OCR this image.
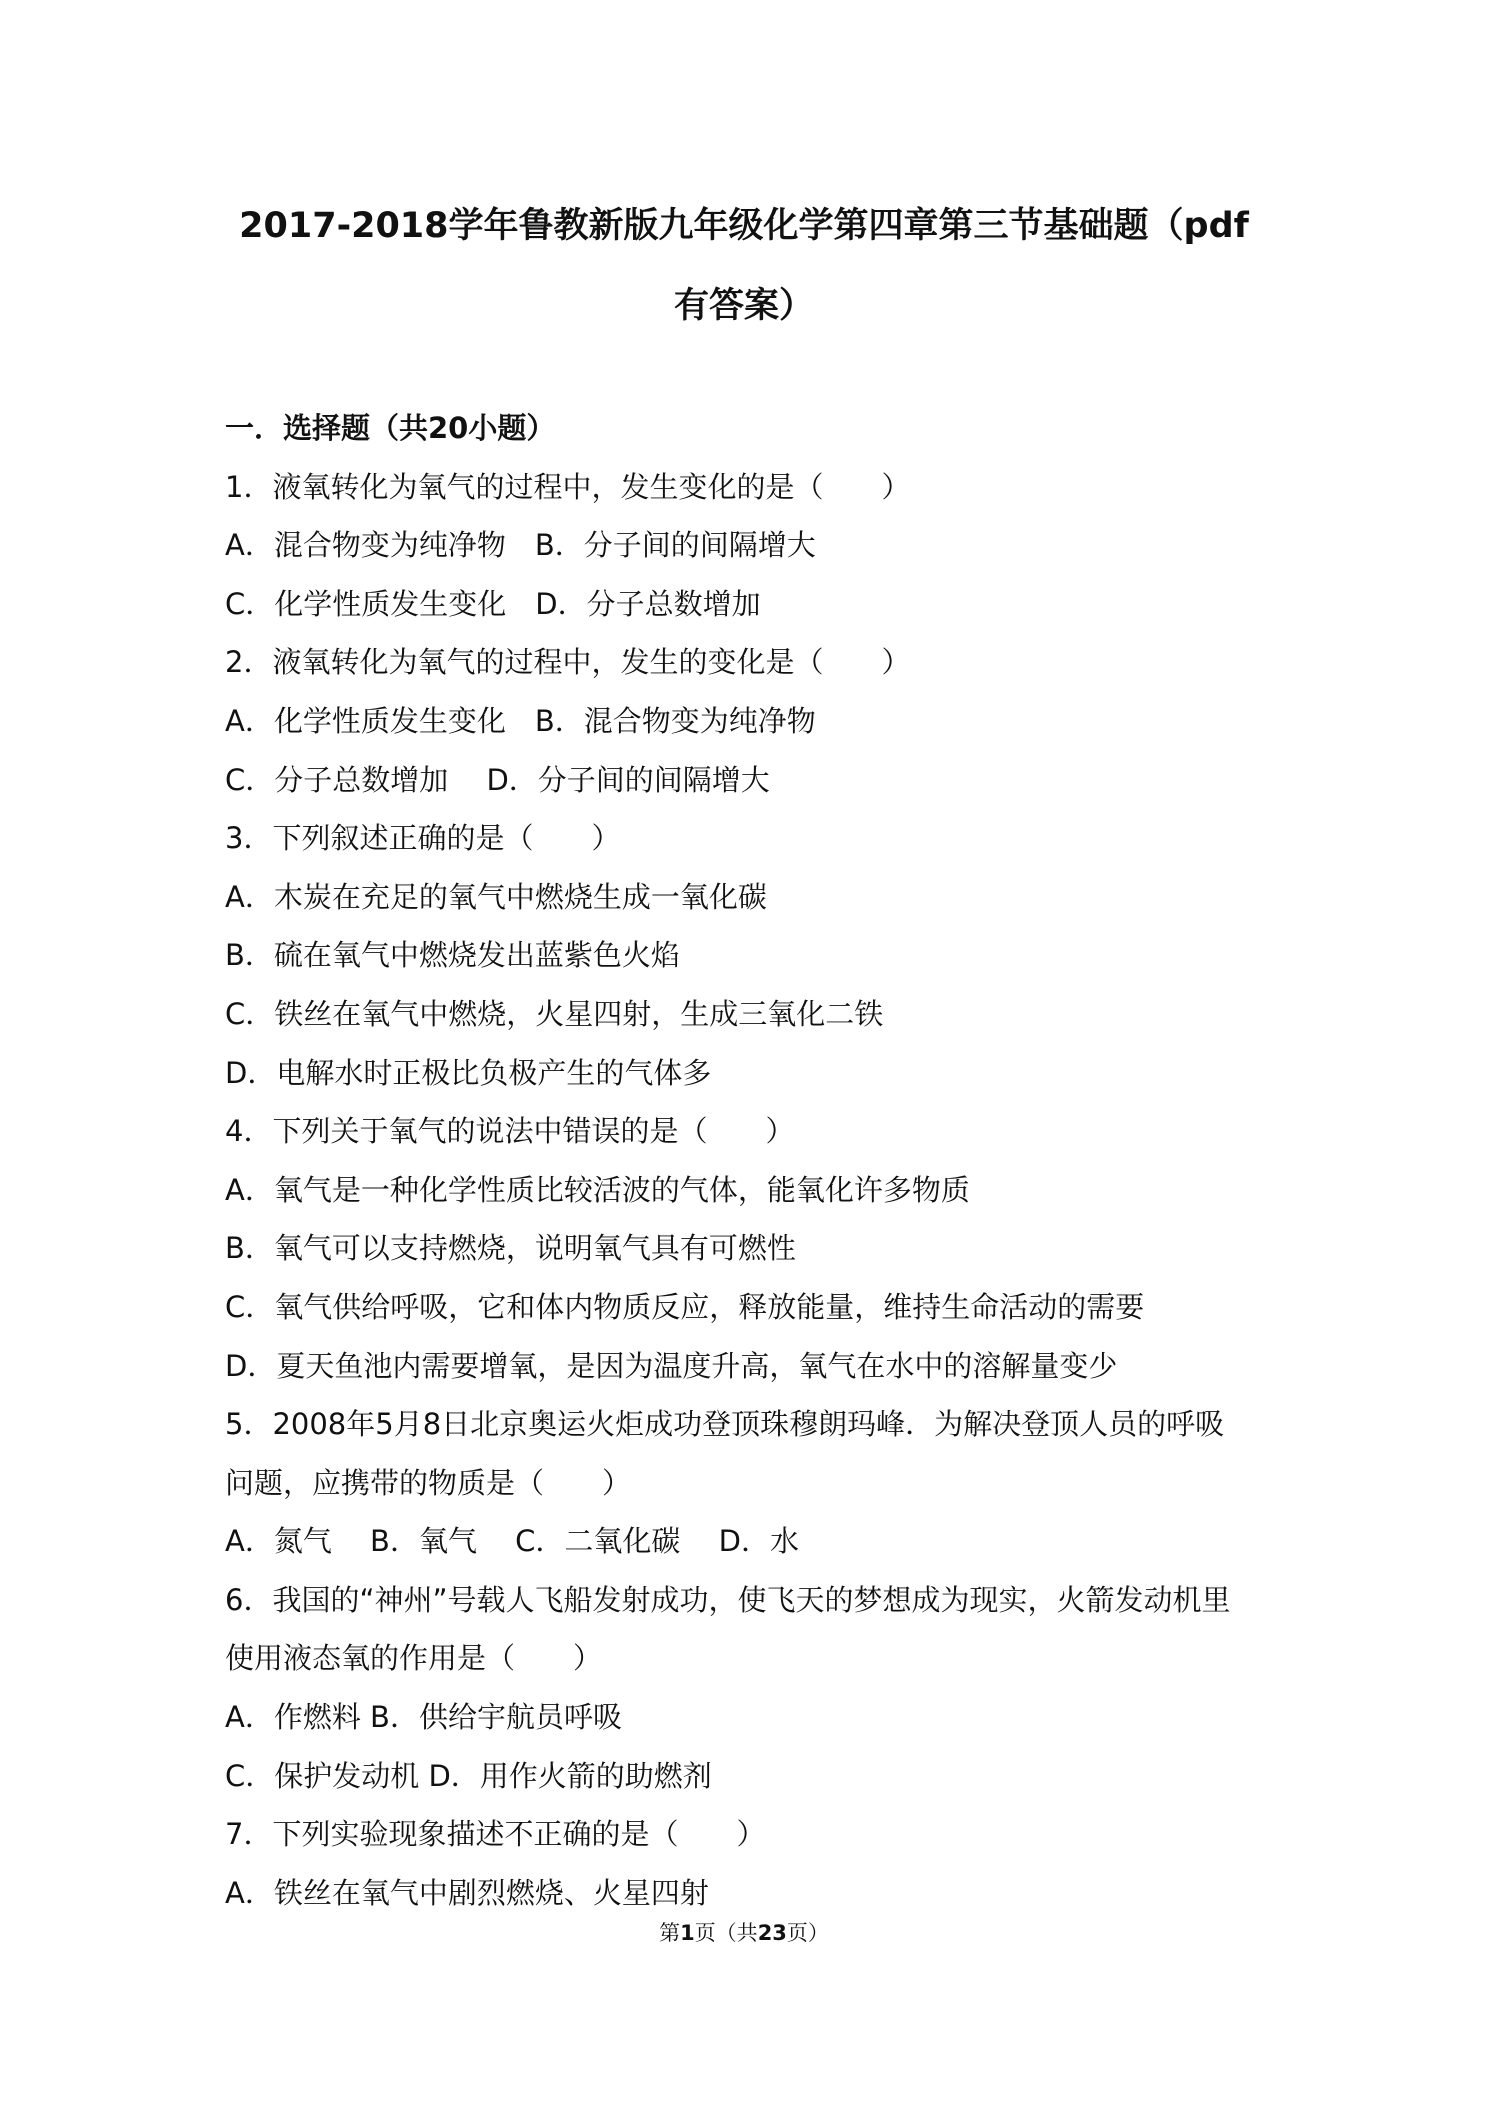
2017-2018学年鲁教新版九年级化学第四章第三节基础题（pdf
有答案）
一．选择题（共20小题）
1．液氧转化为氧气的过程中，发生变化的是（　　）
A．混合物变为纯净物　B．分子间的间隔增大
C．化学性质发生变化　D．分子总数增加
2．液氧转化为氧气的过程中，发生的变化是（　　）
A．化学性质发生变化　B．混合物变为纯净物
C．分子总数增加　 D．分子间的间隔增大
3．下列叙述正确的是（　　）
A．木炭在充足的氧气中燃烧生成一氧化碳
B．硫在氧气中燃烧发出蓝紫色火焰
C．铁丝在氧气中燃烧，火星四射，生成三氧化二铁
D．电解水时正极比负极产生的气体多
4．下列关于氧气的说法中错误的是（　　）
A．氧气是一种化学性质比较活波的气体，能氧化许多物质
B．氧气可以支持燃烧，说明氧气具有可燃性
C．氧气供给呼吸，它和体内物质反应，释放能量，维持生命活动的需要
D．夏天鱼池内需要增氧，是因为温度升高，氧气在水中的溶解量变少
5．2008年5月8日北京奥运火炬成功登顶珠穆朗玛峰．为解决登顶人员的呼吸
问题，应携带的物质是（　　）
A．氮气　 B．氧气　 C．二氧化碳　 D．水
6．我国的“神州”号载人飞船发射成功，使飞天的梦想成为现实，火箭发动机里
使用液态氧的作用是（　　）
A．作燃料 B．供给宇航员呼吸
C．保护发动机 D．用作火箭的助燃剂
7．下列实验现象描述不正确的是（　　）
A．铁丝在氧气中剧烈燃烧、火星四射
第1页（共23页）
